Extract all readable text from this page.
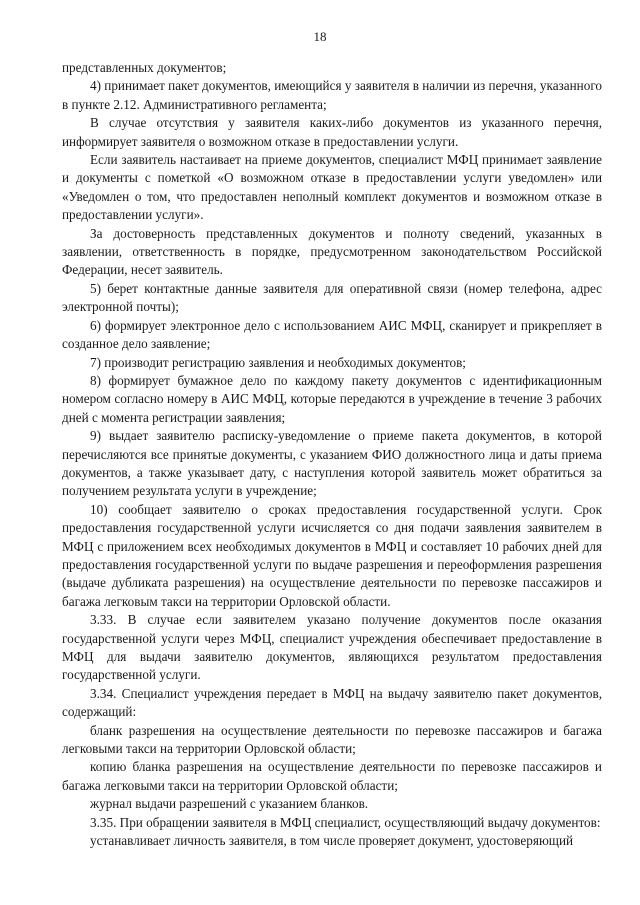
18

представленных документов;

4) принимает пакет документов, имеющийся у заявителя в наличии из перечня, указанного в пункте 2.12. Административного регламента;

В случае отсутствия у заявителя каких-либо документов из указанного перечня, информирует заявителя о возможном отказе в предоставлении услуги.

Если заявитель настаивает на приеме документов, специалист МФЦ принимает заявление и документы с пометкой «О возможном отказе в предоставлении услуги уведомлен» или «Уведомлен о том, что предоставлен неполный комплект документов и возможном отказе в предоставлении услуги».

За достоверность представленных документов и полноту сведений, указанных в заявлении, ответственность в порядке, предусмотренном законодательством Российской Федерации, несет заявитель.

5) берет контактные данные заявителя для оперативной связи (номер телефона, адрес электронной почты);

6) формирует электронное дело с использованием АИС МФЦ, сканирует и прикрепляет в созданное дело заявление;

7) производит регистрацию заявления и необходимых документов;

8) формирует бумажное дело по каждому пакету документов с идентификационным номером согласно номеру в АИС МФЦ, которые передаются в учреждение в течение 3 рабочих дней с момента регистрации заявления;

9) выдает заявителю расписку-уведомление о приеме пакета документов, в которой перечисляются все принятые документы, с указанием ФИО должностного лица и даты приема документов, а также указывает дату, с наступления которой заявитель может обратиться за получением результата услуги в учреждение;

10) сообщает заявителю о сроках предоставления государственной услуги. Срок предоставления государственной услуги исчисляется со дня подачи заявления заявителем в МФЦ с приложением всех необходимых документов в МФЦ и составляет 10 рабочих дней для предоставления государственной услуги по выдаче разрешения и переоформления разрешения (выдаче дубликата разрешения) на осуществление деятельности по перевозке пассажиров и багажа легковым такси на территории Орловской области.

3.33. В случае если заявителем указано получение документов после оказания государственной услуги через МФЦ, специалист учреждения обеспечивает предоставление в МФЦ для выдачи заявителю документов, являющихся результатом предоставления государственной услуги.

3.34. Специалист учреждения передает в МФЦ на выдачу заявителю пакет документов, содержащий:

бланк разрешения на осуществление деятельности по перевозке пассажиров и багажа легковыми такси на территории Орловской области;

копию бланка разрешения на осуществление деятельности по перевозке пассажиров и багажа легковыми такси на территории Орловской области;

журнал выдачи разрешений с указанием бланков.

3.35. При обращении заявителя в МФЦ специалист, осуществляющий выдачу документов:

устанавливает личность заявителя, в том числе проверяет документ, удостоверяющий
